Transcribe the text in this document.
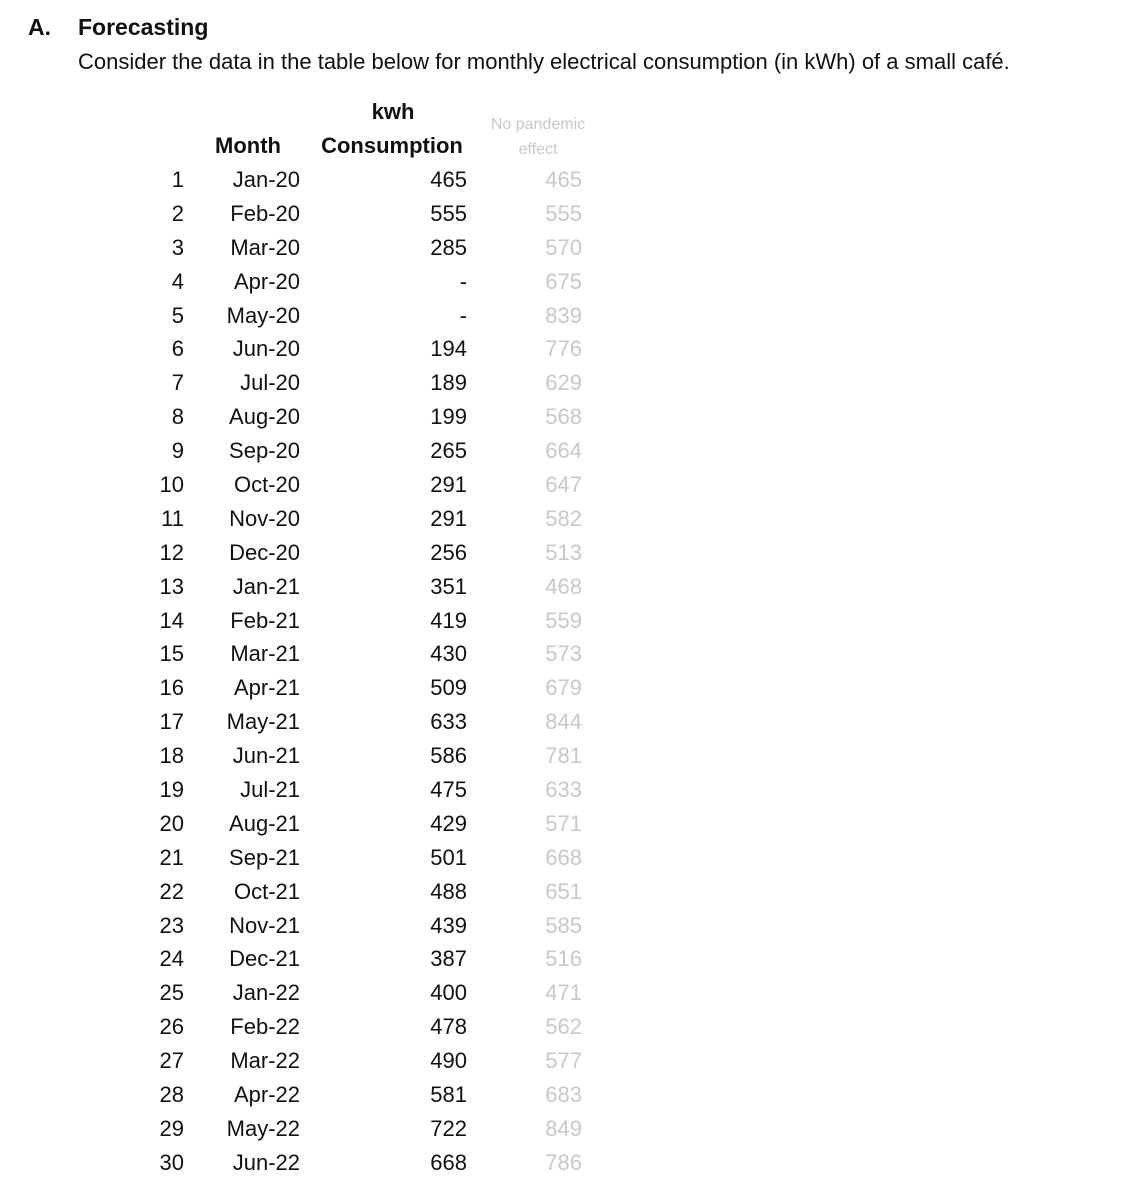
A. Forecasting
Consider the data in the table below for monthly electrical consumption (in kWh) of a small café.
kwh
Month	Consumption
No pandemic
effect
1	Jan-20	465	465
2	Feb-20	555	555
3	Mar-20	285	570
4	Apr-20	-	675
5	May-20	-	839
6	Jun-20	194	776
7	Jul-20	189	629
8	Aug-20	199	568
9	Sep-20	265	664
10	Oct-20	291	647
11	Nov-20	291	582
12	Dec-20	256	513
13	Jan-21	351	468
14	Feb-21	419	559
15	Mar-21	430	573
16	Apr-21	509	679
17	May-21	633	844
18	Jun-21	586	781
19	Jul-21	475	633
20	Aug-21	429	571
21	Sep-21	501	668
22	Oct-21	488	651
23	Nov-21	439	585
24	Dec-21	387	516
25	Jan-22	400	471
26	Feb-22	478	562
27	Mar-22	490	577
28	Apr-22	581	683
29	May-22	722	849
30	Jun-22	668	786
